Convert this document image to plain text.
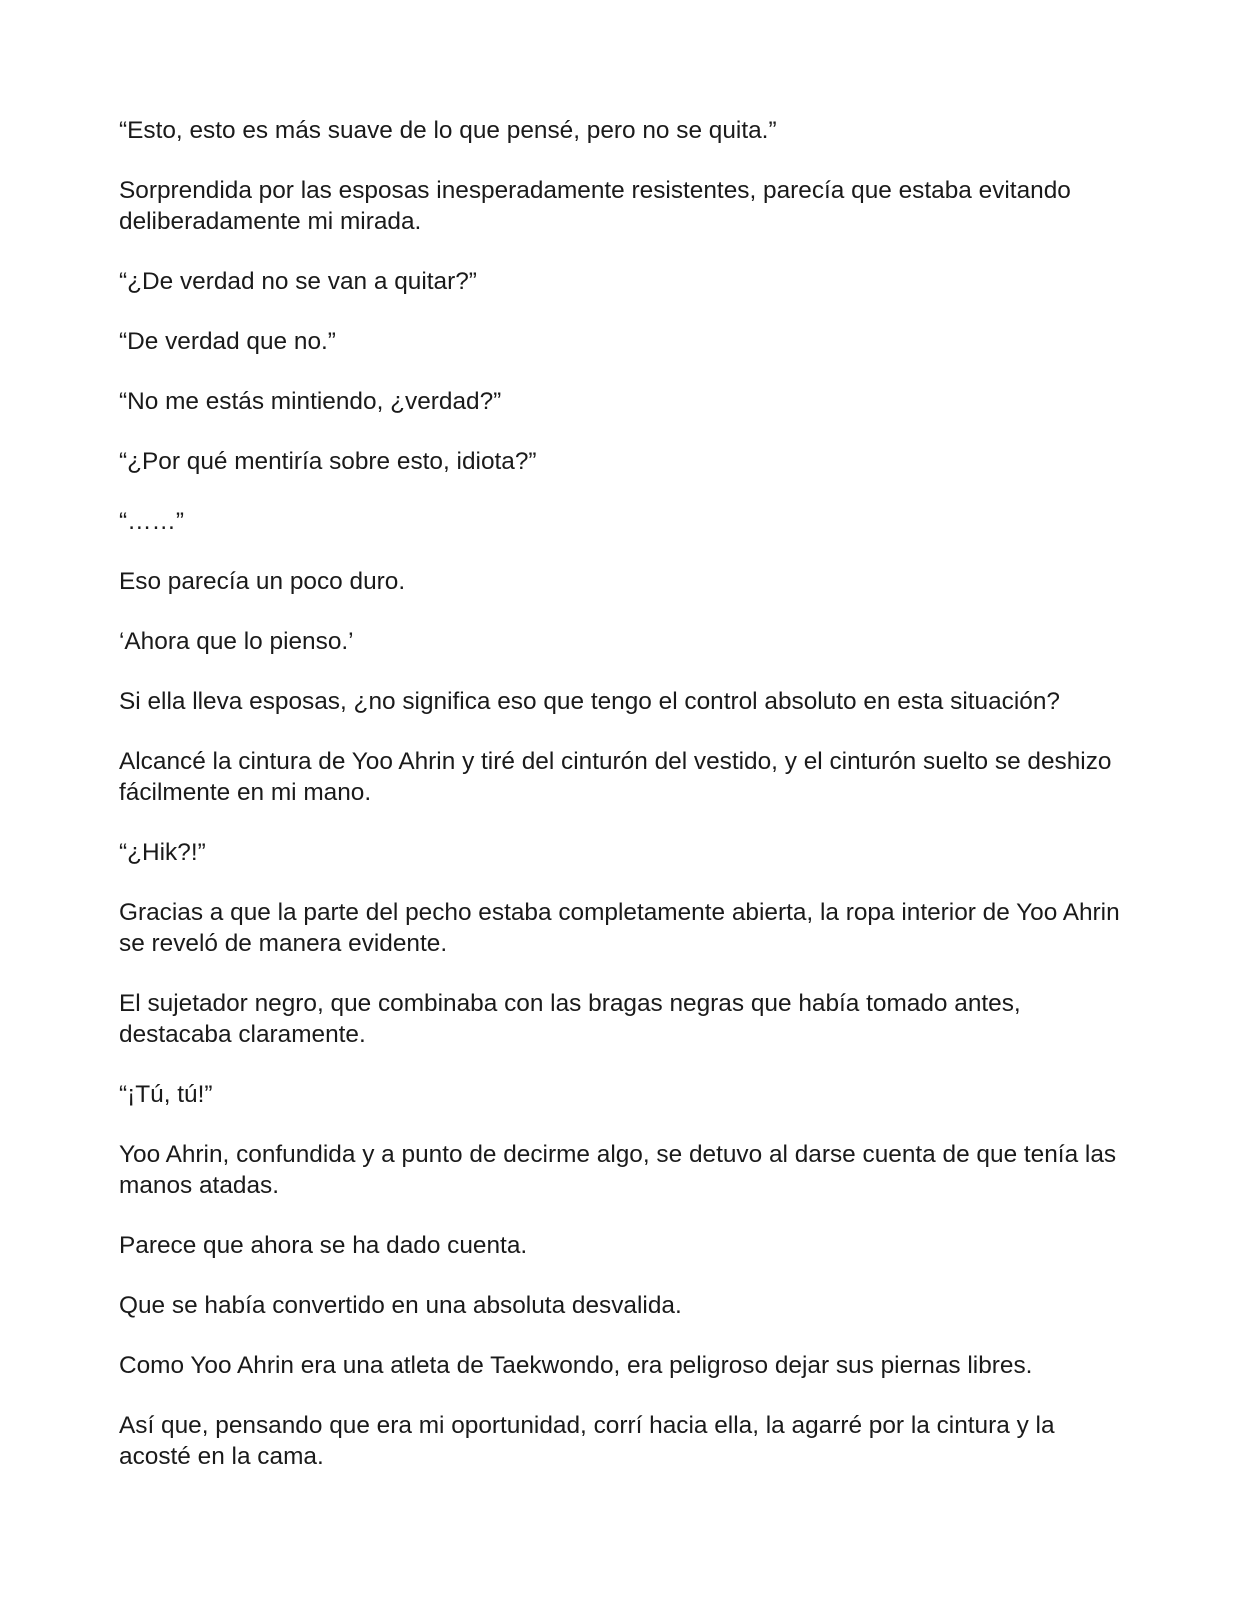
“Esto, esto es más suave de lo que pensé, pero no se quita.”

Sorprendida por las esposas inesperadamente resistentes, parecía que estaba evitando deliberadamente mi mirada.

“¿De verdad no se van a quitar?”

“De verdad que no.”

“No me estás mintiendo, ¿verdad?”

“¿Por qué mentiría sobre esto, idiota?”

“……”

Eso parecía un poco duro.

‘Ahora que lo pienso.’

Si ella lleva esposas, ¿no significa eso que tengo el control absoluto en esta situación?

Alcancé la cintura de Yoo Ahrin y tiré del cinturón del vestido, y el cinturón suelto se deshizo fácilmente en mi mano.

“¿Hik?!”

Gracias a que la parte del pecho estaba completamente abierta, la ropa interior de Yoo Ahrin se reveló de manera evidente.

El sujetador negro, que combinaba con las bragas negras que había tomado antes, destacaba claramente.

“¡Tú, tú!”

Yoo Ahrin, confundida y a punto de decirme algo, se detuvo al darse cuenta de que tenía las manos atadas.

Parece que ahora se ha dado cuenta.

Que se había convertido en una absoluta desvalida.

Como Yoo Ahrin era una atleta de Taekwondo, era peligroso dejar sus piernas libres.

Así que, pensando que era mi oportunidad, corrí hacia ella, la agarré por la cintura y la acosté en la cama.
